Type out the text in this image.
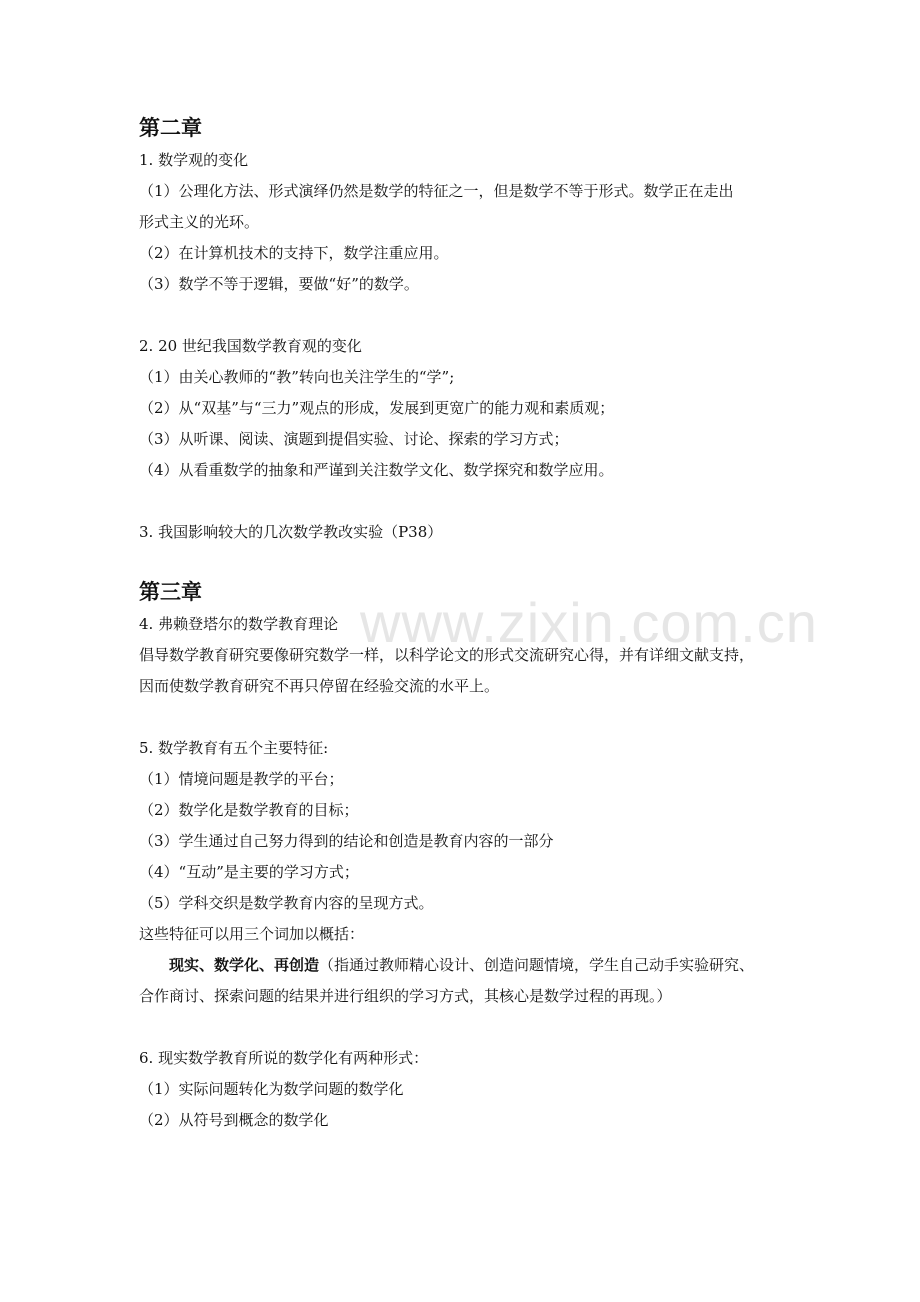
www.zixin.com.cn
第二章
1. 数学观的变化
（1）公理化方法、形式演绎仍然是数学的特征之一，但是数学不等于形式。数学正在走出
形式主义的光环。
（2）在计算机技术的支持下，数学注重应用。
（3）数学不等于逻辑，要做“好”的数学。
2. 20 世纪我国数学教育观的变化
（1）由关心教师的“教”转向也关注学生的“学”;
（2）从“双基”与“三力”观点的形成，发展到更宽广的能力观和素质观；
（3）从听课、阅读、演题到提倡实验、讨论、探索的学习方式；
（4）从看重数学的抽象和严谨到关注数学文化、数学探究和数学应用。
3. 我国影响较大的几次数学教改实验（P38）
第三章
4. 弗赖登塔尔的数学教育理论
倡导数学教育研究要像研究数学一样，以科学论文的形式交流研究心得，并有详细文献支持，
因而使数学教育研究不再只停留在经验交流的水平上。
5. 数学教育有五个主要特征:
（1）情境问题是教学的平台；
（2）数学化是数学教育的目标；
（3）学生通过自己努力得到的结论和创造是教育内容的一部分
（4）“互动”是主要的学习方式；
（5）学科交织是数学教育内容的呈现方式。
这些特征可以用三个词加以概括：
现实、数学化、再创造（指通过教师精心设计、创造问题情境，学生自己动手实验研究、
合作商讨、探索问题的结果并进行组织的学习方式，其核心是数学过程的再现。）
6. 现实数学教育所说的数学化有两种形式：
（1）实际问题转化为数学问题的数学化
（2）从符号到概念的数学化
